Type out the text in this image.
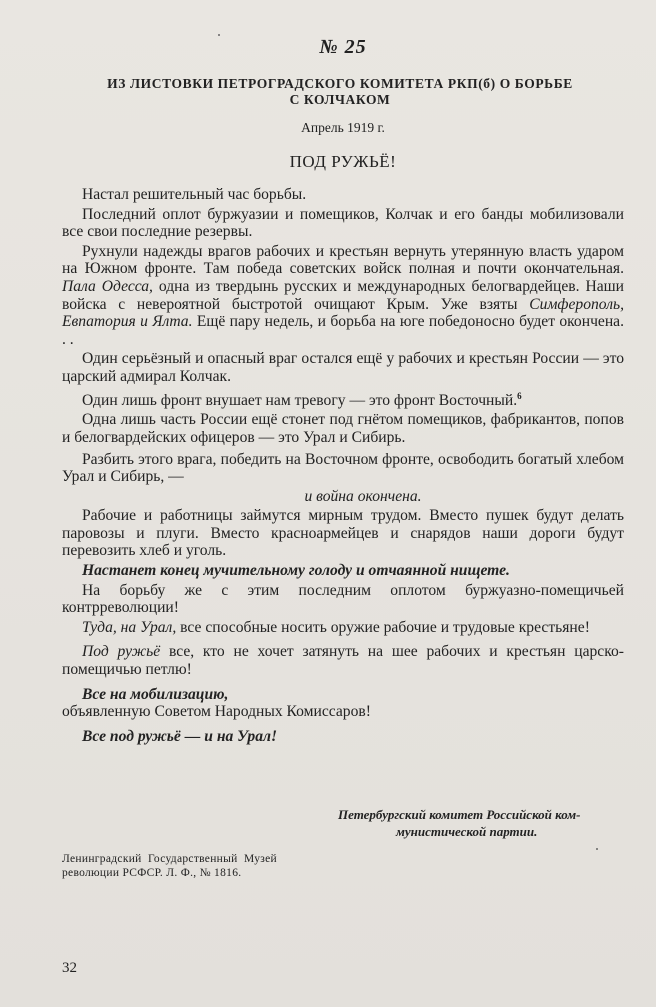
№ 25
ИЗ ЛИСТОВКИ ПЕТРОГРАДСКОГО КОМИТЕТА РКП(б) О БОРЬБЕ
С КОЛЧАКОМ
Апрель 1919 г.
ПОД РУЖЬЁ!

Настал решительный час борьбы.

Последний оплот буржуазии и помещиков, Колчак и его банды мобилизовали все свои последние резервы.

Рухнули надежды врагов рабочих и крестьян вернуть утерянную власть ударом на Южном фронте. Там победа советских войск полная и почти окончательная. Пала Одесса, одна из твердынь русских и международных белогвардейцев. Наши войска с невероятной быстротой очищают Крым. Уже взяты Симферополь, Евпатория и Ялта. Ещё пару недель, и борьба на юге победоносно будет окончена. . .

Один серьёзный и опасный враг остался ещё у рабочих и крестьян России — это царский адмирал Колчак.

Один лишь фронт внушает нам тревогу — это фронт Восточный.$^6$

Одна лишь часть России ещё стонет под гнётом помещиков, фабрикантов, попов и белогвардейских офицеров — это Урал и Сибирь.

Разбить этого врага, победить на Восточном фронте, освободить богатый хлебом Урал и Сибирь, —

и война окончена.

Рабочие и работницы займутся мирным трудом. Вместо пушек будут делать паровозы и плуги. Вместо красноармейцев и снарядов наши дороги будут перевозить хлеб и уголь.

Настанет конец мучительному голоду и отчаянной нищете.

На борьбу же с этим последним оплотом буржуазно-помещичьей контрреволюции!

Туда, на Урал, все способные носить оружие рабочие и трудовые крестьяне!

Под ружьё все, кто не хочет затянуть на шее рабочих и крестьян царско-помещичью петлю!

Все на мобилизацию,
объявленную Советом Народных Комиссаров!

Все под ружьё — и на Урал!

Петербургский комитет Российской ком-
мунистической партии.
Ленинградский  Государственный  Музей
революции РСФСР. Л. Ф., № 1816.
32
